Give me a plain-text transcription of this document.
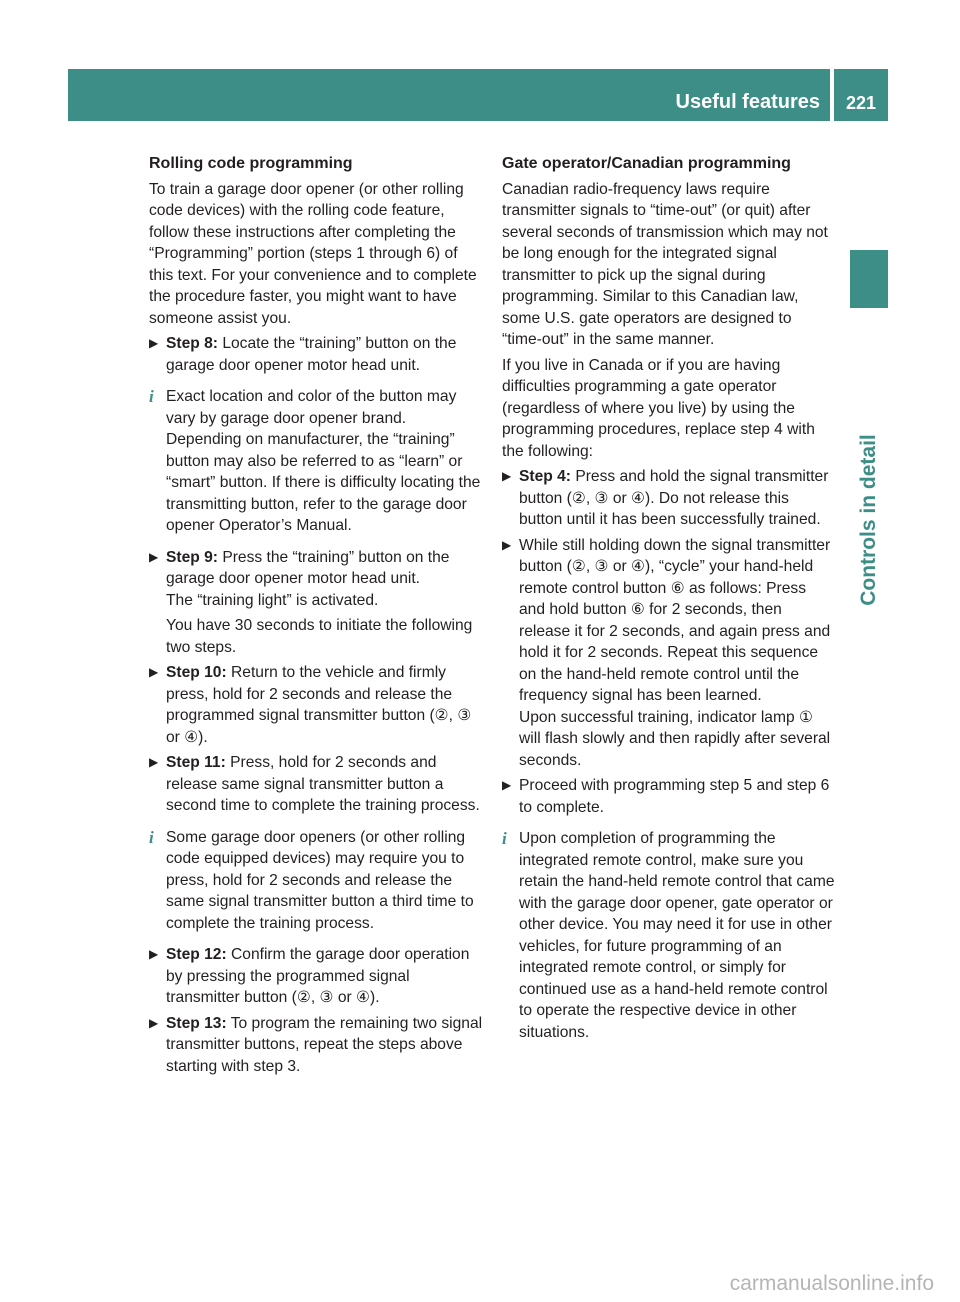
Useful features	221
Controls in detail
Rolling code programming
To train a garage door opener (or other rolling code devices) with the rolling code feature, follow these instructions after completing the “Programming” portion (steps 1 through 6) of this text. For your convenience and to complete the procedure faster, you might want to have someone assist you.
▶ Step 8: Locate the “training” button on the garage door opener motor head unit.
i Exact location and color of the button may vary by garage door opener brand. Depending on manufacturer, the “training” button may also be referred to as “learn” or “smart” button. If there is difficulty locating the transmitting button, refer to the garage door opener Operator’s Manual.
▶ Step 9: Press the “training” button on the garage door opener motor head unit.
The “training light” is activated.
You have 30 seconds to initiate the following two steps.
▶ Step 10: Return to the vehicle and firmly press, hold for 2 seconds and release the programmed signal transmitter button (②, ③ or ④).
▶ Step 11: Press, hold for 2 seconds and release same signal transmitter button a second time to complete the training process.
i Some garage door openers (or other rolling code equipped devices) may require you to press, hold for 2 seconds and release the same signal transmitter button a third time to complete the training process.
▶ Step 12: Confirm the garage door operation by pressing the programmed signal transmitter button (②, ③ or ④).
▶ Step 13: To program the remaining two signal transmitter buttons, repeat the steps above starting with step 3.
Gate operator/Canadian programming
Canadian radio-frequency laws require transmitter signals to “time-out” (or quit) after several seconds of transmission which may not be long enough for the integrated signal transmitter to pick up the signal during programming. Similar to this Canadian law, some U.S. gate operators are designed to “time-out” in the same manner.
If you live in Canada or if you are having difficulties programming a gate operator (regardless of where you live) by using the programming procedures, replace step 4 with the following:
▶ Step 4: Press and hold the signal transmitter button (②, ③ or ④). Do not release this button until it has been successfully trained.
▶ While still holding down the signal transmitter button (②, ③ or ④), “cycle” your hand-held remote control button ⑥ as follows: Press and hold button ⑥ for 2 seconds, then release it for 2 seconds, and again press and hold it for 2 seconds. Repeat this sequence on the hand-held remote control until the frequency signal has been learned.
Upon successful training, indicator lamp ① will flash slowly and then rapidly after several seconds.
▶ Proceed with programming step 5 and step 6 to complete.
i Upon completion of programming the integrated remote control, make sure you retain the hand-held remote control that came with the garage door opener, gate operator or other device. You may need it for use in other vehicles, for future programming of an integrated remote control, or simply for continued use as a hand-held remote control to operate the respective device in other situations.
carmanualsonline.info
